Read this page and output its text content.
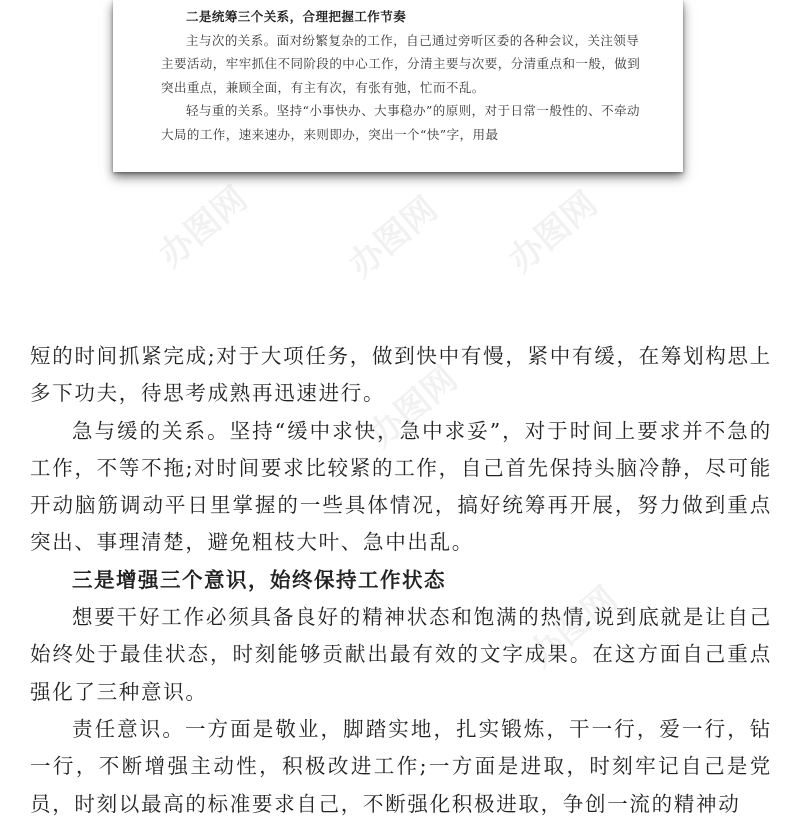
二是统筹三个关系，合理把握工作节奏

主与次的关系。面对纷繁复杂的工作，自己通过旁听区委的各种会议，关注领导主要活动，牢牢抓住不同阶段的中心工作，分清主要与次要，分清重点和一般，做到突出重点，兼顾全面，有主有次，有张有弛，忙而不乱。

轻与重的关系。坚持“小事快办、大事稳办”的原则，对于日常一般性的、不牵动大局的工作，速来速办，来则即办，突出一个“快”字，用最

办图网	办图网 办图网
办图网
办图网

短的时间抓紧完成;对于大项任务，做到快中有慢，紧中有缓，在筹划构思上多下功夫，待思考成熟再迅速进行。

急与缓的关系。坚持“缓中求快，急中求妥”，对于时间上要求并不急的工作，不等不拖;对时间要求比较紧的工作，自己首先保持头脑冷静，尽可能开动脑筋调动平日里掌握的一些具体情况，搞好统筹再开展，努力做到重点突出、事理清楚，避免粗枝大叶、急中出乱。

三是增强三个意识，始终保持工作状态

想要干好工作必须具备良好的精神状态和饱满的热情,说到底就是让自己始终处于最佳状态，时刻能够贡献出最有效的文字成果。在这方面自己重点强化了三种意识。

责任意识。一方面是敬业，脚踏实地，扎实锻炼，干一行，爱一行，钻一行，不断增强主动性，积极改进工作;一方面是进取，时刻牢记自己是党员，时刻以最高的标准要求自己，不断强化积极进取，争创一流的精神动
